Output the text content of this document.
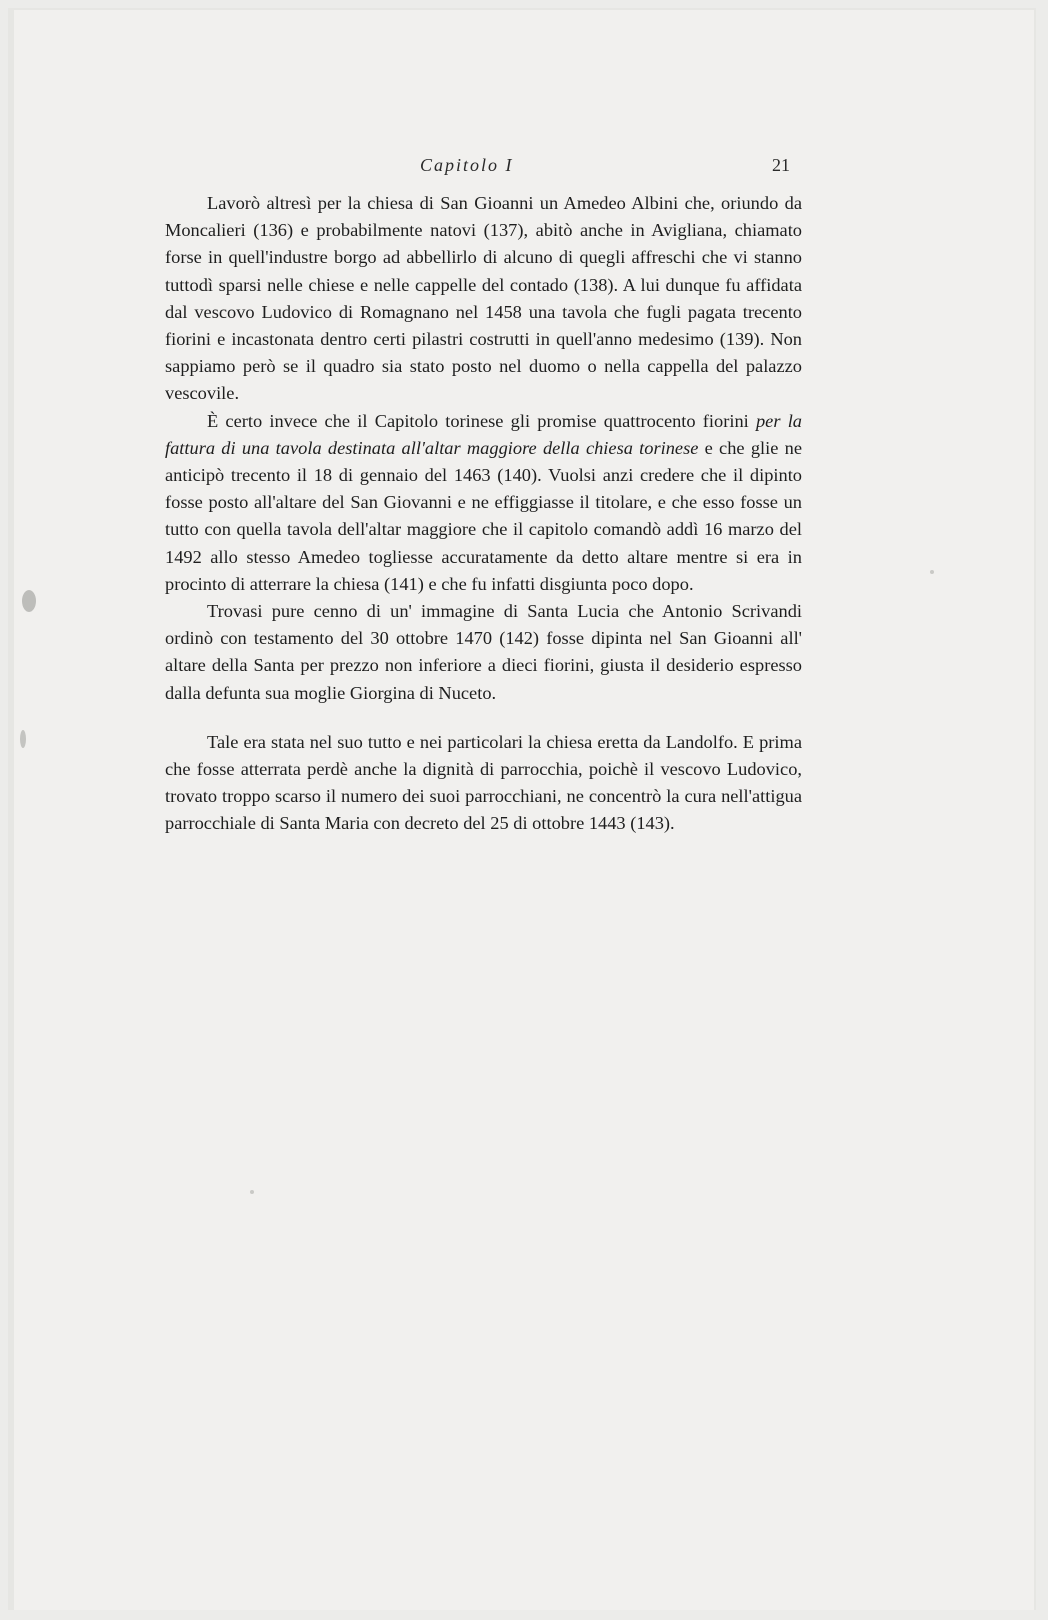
Capitolo I	21

Lavorò altresì per la chiesa di San Gioanni un Amedeo Albini che, oriundo da Moncalieri (136) e probabilmente natovi (137), abitò anche in Avigliana, chiamato forse in quell'industre borgo ad abbellirlo di alcuno di quegli affreschi che vi stanno tuttodì sparsi nelle chiese e nelle cappelle del contado (138). A lui dunque fu affidata dal vescovo Ludovico di Romagnano nel 1458 una tavola che fugli pagata trecento fiorini e incastonata dentro certi pilastri costrutti in quell'anno medesimo (139). Non sappiamo però se il quadro sia stato posto nel duomo o nella cappella del palazzo vescovile.

È certo invece che il Capitolo torinese gli promise quattrocento fiorini per la fattura di una tavola destinata all'altar maggiore della chiesa torinese e che glie ne anticipò trecento il 18 di gennaio del 1463 (140). Vuolsi anzi credere che il dipinto fosse posto all'altare del San Giovanni e ne effiggiasse il titolare, e che esso fosse un tutto con quella tavola dell'altar maggiore che il capitolo comandò addì 16 marzo del 1492 allo stesso Amedeo togliesse accuratamente da detto altare mentre si era in procinto di atterrare la chiesa (141) e che fu infatti disgiunta poco dopo.

Trovasi pure cenno di un' immagine di Santa Lucia che Antonio Scrivandi ordinò con testamento del 30 ottobre 1470 (142) fosse dipinta nel San Gioanni all' altare della Santa per prezzo non inferiore a dieci fiorini, giusta il desiderio espresso dalla defunta sua moglie Giorgina di Nuceto.

Tale era stata nel suo tutto e nei particolari la chiesa eretta da Landolfo. E prima che fosse atterrata perdè anche la dignità di parrocchia, poichè il vescovo Ludovico, trovato troppo scarso il numero dei suoi parrocchiani, ne concentrò la cura nell'attigua parrocchiale di Santa Maria con decreto del 25 di ottobre 1443 (143).
